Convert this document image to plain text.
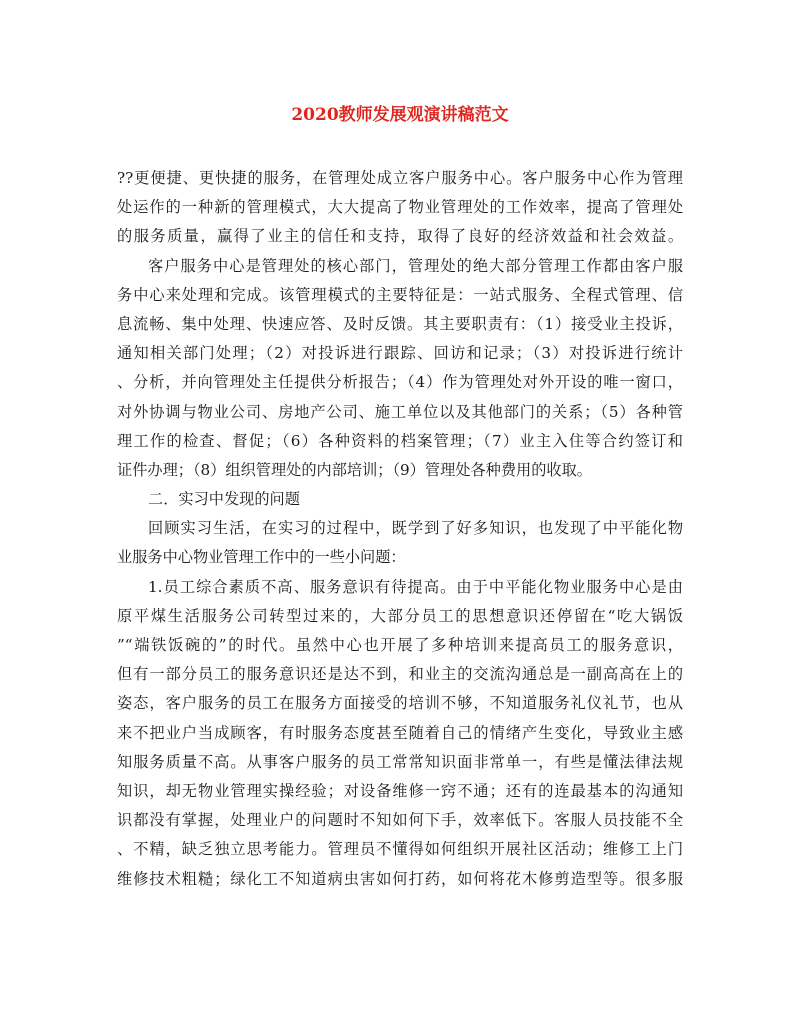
2020教师发展观演讲稿范文
??更便捷、更快捷的服务，在管理处成立客户服务中心。客户服务中心作为管理
处运作的一种新的管理模式，大大提高了物业管理处的工作效率，提高了管理处
的服务质量，赢得了业主的信任和支持，取得了良好的经济效益和社会效益。
客户服务中心是管理处的核心部门，管理处的绝大部分管理工作都由客户服
务中心来处理和完成。该管理模式的主要特征是：一站式服务、全程式管理、信
息流畅、集中处理、快速应答、及时反馈。其主要职责有：（1）接受业主投诉，
通知相关部门处理；（2）对投诉进行跟踪、回访和记录；（3）对投诉进行统计
、分析，并向管理处主任提供分析报告；（4）作为管理处对外开设的唯一窗口，
对外协调与物业公司、房地产公司、施工单位以及其他部门的关系；（5）各种管
理工作的检查、督促；（6）各种资料的档案管理；（7）业主入住等合约签订和
证件办理；（8）组织管理处的内部培训；（9）管理处各种费用的收取。
二．实习中发现的问题
回顾实习生活，在实习的过程中，既学到了好多知识，也发现了中平能化物
业服务中心物业管理工作中的一些小问题：
1.员工综合素质不高、服务意识有待提高。由于中平能化物业服务中心是由
原平煤生活服务公司转型过来的，大部分员工的思想意识还停留在“吃大锅饭
”“端铁饭碗的”的时代。虽然中心也开展了多种培训来提高员工的服务意识，
但有一部分员工的服务意识还是达不到，和业主的交流沟通总是一副高高在上的
姿态，客户服务的员工在服务方面接受的培训不够，不知道服务礼仪礼节，也从
来不把业户当成顾客，有时服务态度甚至随着自己的情绪产生变化，导致业主感
知服务质量不高。从事客户服务的员工常常知识面非常单一，有些是懂法律法规
知识，却无物业管理实操经验；对设备维修一窍不通；还有的连最基本的沟通知
识都没有掌握，处理业户的问题时不知如何下手，效率低下。客服人员技能不全
、不精，缺乏独立思考能力。管理员不懂得如何组织开展社区活动；维修工上门
维修技术粗糙；绿化工不知道病虫害如何打药，如何将花木修剪造型等。很多服
